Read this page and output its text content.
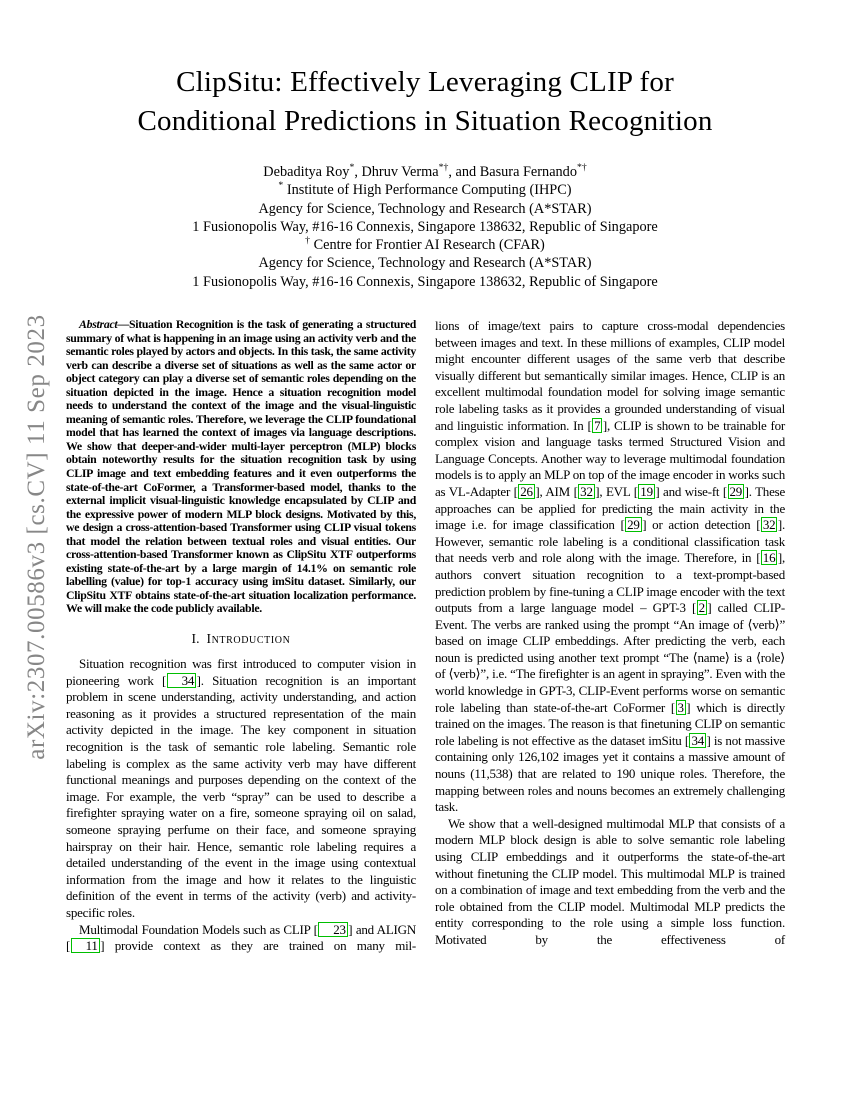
arXiv:2307.00586v3 [cs.CV] 11 Sep 2023
ClipSitu: Effectively Leveraging CLIP for
Conditional Predictions in Situation Recognition
Debaditya Roy*, Dhruv Verma*†, and Basura Fernando*†
* Institute of High Performance Computing (IHPC)
Agency for Science, Technology and Research (A*STAR)
1 Fusionopolis Way, #16-16 Connexis, Singapore 138632, Republic of Singapore
† Centre for Frontier AI Research (CFAR)
Agency for Science, Technology and Research (A*STAR)
1 Fusionopolis Way, #16-16 Connexis, Singapore 138632, Republic of Singapore

Abstract—Situation Recognition is the task of generating a structured summary of what is happening in an image using an activity verb and the semantic roles played by actors and objects. In this task, the same activity verb can describe a diverse set of situations as well as the same actor or object category can play a diverse set of semantic roles depending on the situation depicted in the image. Hence a situation recognition model needs to understand the context of the image and the visual-linguistic meaning of semantic roles. Therefore, we leverage the CLIP foundational model that has learned the context of images via language descriptions. We show that deeper-and-wider multi-layer perceptron (MLP) blocks obtain noteworthy results for the situation recognition task by using CLIP image and text embedding features and it even outperforms the state-of-the-art CoFormer, a Transformer-based model, thanks to the external implicit visual-linguistic knowledge encapsulated by CLIP and the expressive power of modern MLP block designs. Motivated by this, we design a cross-attention-based Transformer using CLIP visual tokens that model the relation between textual roles and visual entities. Our cross-attention-based Transformer known as ClipSitu XTF outperforms existing state-of-the-art by a large margin of 14.1% on semantic role labelling (value) for top-1 accuracy using imSitu dataset. Similarly, our ClipSitu XTF obtains state-of-the-art situation localization performance. We will make the code publicly available.

I. Introduction

Situation recognition was first introduced to computer vision in pioneering work [ 34 ]. Situation recognition is an important problem in scene understanding, activity understanding, and action reasoning as it provides a structured representation of the main activity depicted in the image. The key component in situation recognition is the task of semantic role labeling. Semantic role labeling is complex as the same activity verb may have different functional meanings and purposes depending on the context of the image. For example, the verb “spray” can be used to describe a firefighter spraying water on a fire, someone spraying oil on salad, someone spraying perfume on their face, and someone spraying hairspray on their hair. Hence, semantic role labeling requires a detailed understanding of the event in the image using contextual information from the image and how it relates to the linguistic definition of the event in terms of the activity (verb) and activity-specific roles.

Multimodal Foundation Models such as CLIP [ 23 ] and ALIGN [ 11 ] provide context as they are trained on many mil-

lions of image/text pairs to capture cross-modal dependencies between images and text. In these millions of examples, CLIP model might encounter different usages of the same verb that describe visually different but semantically similar images. Hence, CLIP is an excellent multimodal foundation model for solving image semantic role labeling tasks as it provides a grounded understanding of visual and linguistic information. In [ 7 ], CLIP is shown to be trainable for complex vision and language tasks termed Structured Vision and Language Concepts. Another way to leverage multimodal foundation models is to apply an MLP on top of the image encoder in works such as VL-Adapter [ 26 ], AIM [ 32 ], EVL [ 19 ] and wise-ft [ 29 ]. These approaches can be applied for predicting the main activity in the image i.e. for image classification [ 29 ] or action detection [ 32 ]. However, semantic role labeling is a conditional classification task that needs verb and role along with the image. Therefore, in [ 16 ], authors convert situation recognition to a text-prompt-based prediction problem by fine-tuning a CLIP image encoder with the text outputs from a large language model – GPT-3 [ 2 ] called CLIP-Event. The verbs are ranked using the prompt “An image of ⟨verb⟩” based on image CLIP embeddings. After predicting the verb, each noun is predicted using another text prompt “The ⟨name⟩ is a ⟨role⟩ of ⟨verb⟩”, i.e. “The firefighter is an agent in spraying”. Even with the world knowledge in GPT-3, CLIP-Event performs worse on semantic role labeling than state-of-the-art CoFormer [ 3 ] which is directly trained on the images. The reason is that finetuning CLIP on semantic role labeling is not effective as the dataset imSitu [ 34 ] is not massive containing only 126,102 images yet it contains a massive amount of nouns (11,538) that are related to 190 unique roles. Therefore, the mapping between roles and nouns becomes an extremely challenging task.

We show that a well-designed multimodal MLP that consists of a modern MLP block design is able to solve semantic role labeling using CLIP embeddings and it outperforms the state-of-the-art without finetuning the CLIP model. This multimodal MLP is trained on a combination of image and text embedding from the verb and the role obtained from the CLIP model. Multimodal MLP predicts the entity corresponding to the role using a simple loss function. Motivated by the effectiveness of
